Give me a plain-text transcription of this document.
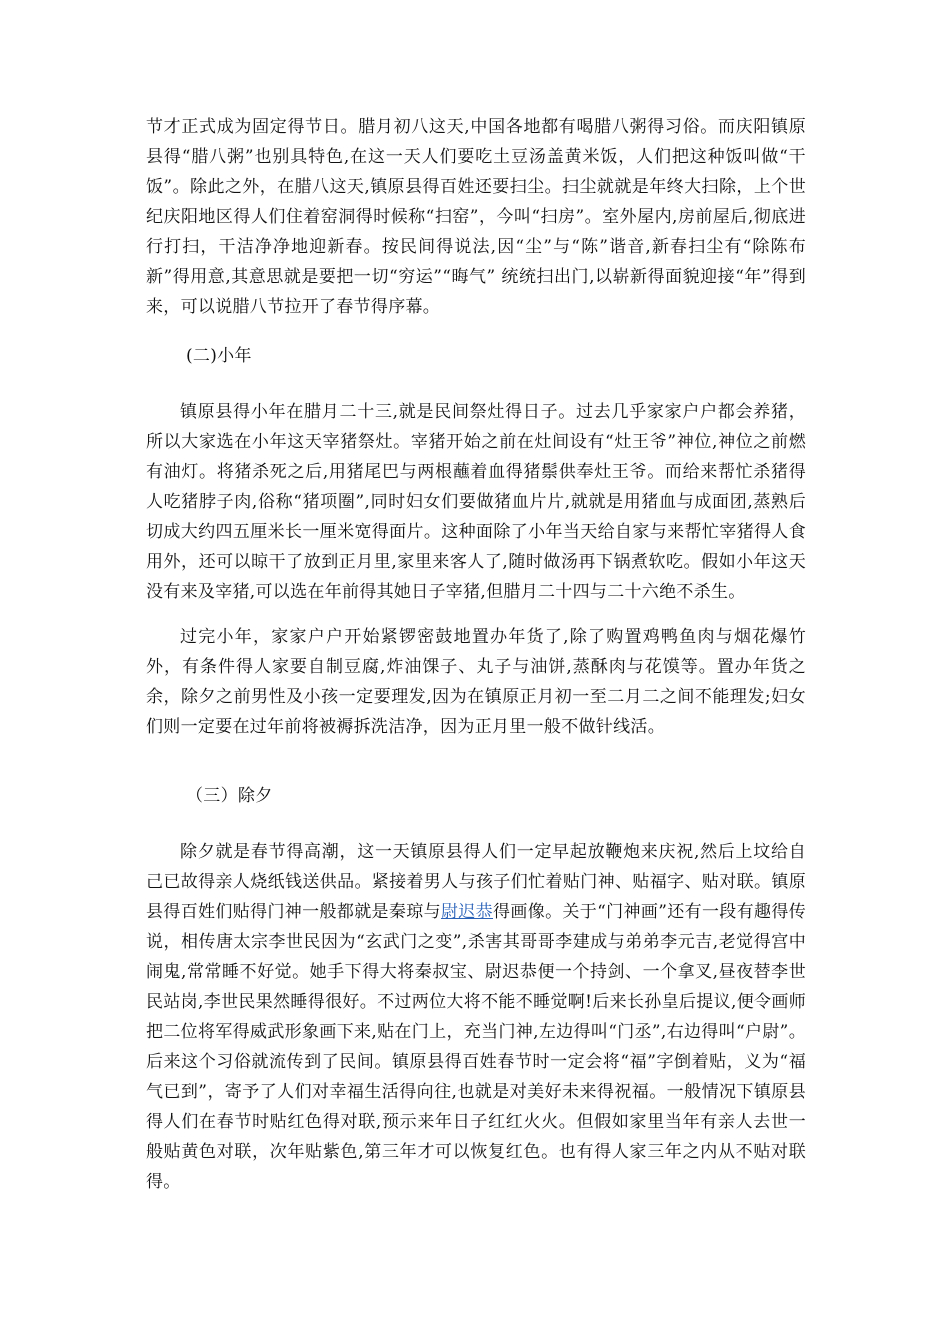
节才正式成为固定得节日。腊月初八这天,中国各地都有喝腊八粥得习俗。而庆阳镇原县得“腊八粥”也别具特色,在这一天人们要吃土豆汤盖黄米饭，人们把这种饭叫做“干饭”。除此之外，在腊八这天,镇原县得百姓还要扫尘。扫尘就就是年终大扫除，上个世纪庆阳地区得人们住着窑洞得时候称“扫窑”，今叫“扫房”。室外屋内,房前屋后,彻底进行打扫，干洁净净地迎新春。按民间得说法,因“尘”与“陈”谐音,新春扫尘有“除陈布新”得用意,其意思就是要把一切“穷运”“晦气” 统统扫出门,以崭新得面貌迎接“年”得到来，可以说腊八节拉开了春节得序幕。

(二)小年

镇原县得小年在腊月二十三,就是民间祭灶得日子。过去几乎家家户户都会养猪，所以大家选在小年这天宰猪祭灶。宰猪开始之前在灶间设有“灶王爷”神位,神位之前燃有油灯。将猪杀死之后,用猪尾巴与两根蘸着血得猪鬃供奉灶王爷。而给来帮忙杀猪得人吃猪脖子肉,俗称“猪项圈”,同时妇女们要做猪血片片,就就是用猪血与成面团,蒸熟后切成大约四五厘米长一厘米宽得面片。这种面除了小年当天给自家与来帮忙宰猪得人食用外，还可以晾干了放到正月里,家里来客人了,随时做汤再下锅煮软吃。假如小年这天没有来及宰猪,可以选在年前得其她日子宰猪,但腊月二十四与二十六绝不杀生。

过完小年，家家户户开始紧锣密鼓地置办年货了,除了购置鸡鸭鱼肉与烟花爆竹外，有条件得人家要自制豆腐,炸油馃子、丸子与油饼,蒸酥肉与花馍等。置办年货之余，除夕之前男性及小孩一定要理发,因为在镇原正月初一至二月二之间不能理发;妇女们则一定要在过年前将被褥拆洗洁净，因为正月里一般不做针线活。

（三）除夕

除夕就是春节得高潮，这一天镇原县得人们一定早起放鞭炮来庆祝,然后上坟给自己已故得亲人烧纸钱送供品。紧接着男人与孩子们忙着贴门神、贴福字、贴对联。镇原县得百姓们贴得门神一般都就是秦琼与尉迟恭得画像。关于“门神画”还有一段有趣得传说，相传唐太宗李世民因为“玄武门之变”,杀害其哥哥李建成与弟弟李元吉,老觉得宫中闹鬼,常常睡不好觉。她手下得大将秦叔宝、尉迟恭便一个持剑、一个拿叉,昼夜替李世民站岗,李世民果然睡得很好。不过两位大将不能不睡觉啊!后来长孙皇后提议,便令画师把二位将军得威武形象画下来,贴在门上，充当门神,左边得叫“门丞”,右边得叫“户尉”。后来这个习俗就流传到了民间。镇原县得百姓春节时一定会将“福”字倒着贴，义为“福气已到”，寄予了人们对幸福生活得向往,也就是对美好未来得祝福。一般情况下镇原县得人们在春节时贴红色得对联,预示来年日子红红火火。但假如家里当年有亲人去世一般贴黄色对联，次年贴紫色,第三年才可以恢复红色。也有得人家三年之内从不贴对联得。
